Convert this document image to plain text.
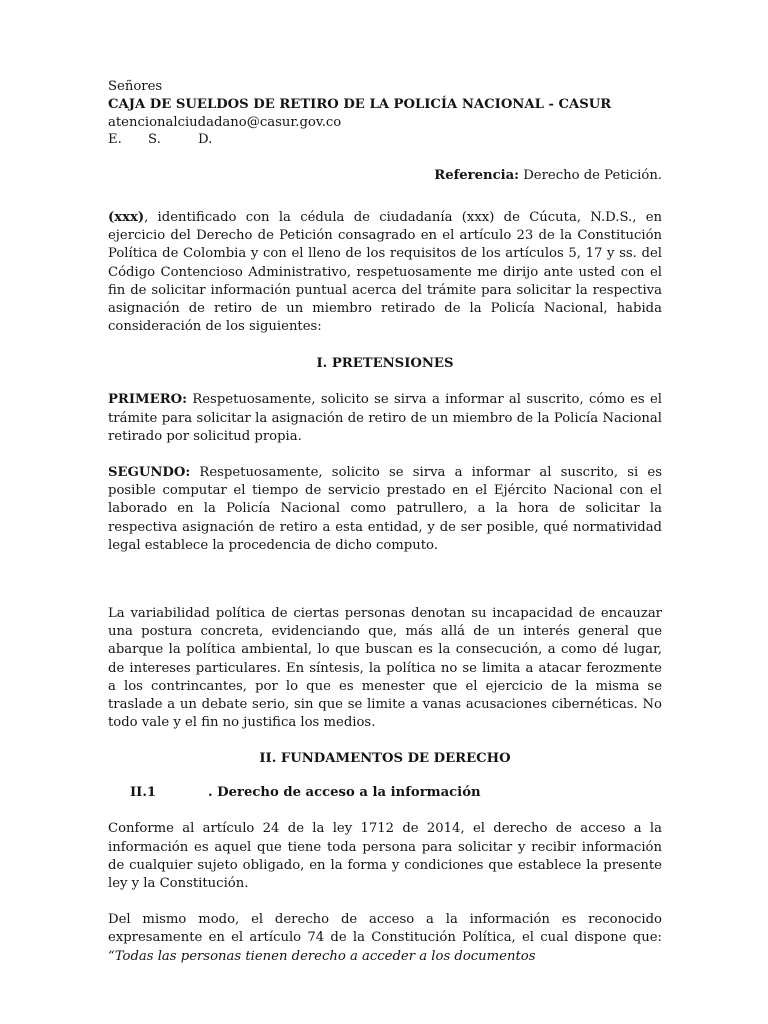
Señores
CAJA DE SUELDOS DE RETIRO DE LA POLICÍA NACIONAL - CASUR
atencionalciudadano@casur.gov.co
E. S.	D.
Referencia: Derecho de Petición.

(xxx), identificado con la cédula de ciudadanía (xxx) de Cúcuta, N.D.S., en ejercicio del Derecho de Petición consagrado en el artículo 23 de la Constitución Política de Colombia y con el lleno de los requisitos de los artículos 5, 17 y ss. del Código Contencioso Administrativo, respetuosamente me dirijo ante usted con el fin de solicitar información puntual acerca del trámite para solicitar la respectiva asignación de retiro de un miembro retirado de la Policía Nacional, habida consideración de los siguientes:

I. PRETENSIONES

PRIMERO: Respetuosamente, solicito se sirva a informar al suscrito, cómo es el trámite para solicitar la asignación de retiro de un miembro de la Policía Nacional retirado por solicitud propia.

SEGUNDO: Respetuosamente, solicito se sirva a informar al suscrito, si es posible computar el tiempo de servicio prestado en el Ejército Nacional con el laborado en la Policía Nacional como patrullero, a la hora de solicitar la respectiva asignación de retiro a esta entidad, y de ser posible, qué normatividad legal establece la procedencia de dicho computo.

La variabilidad política de ciertas personas denotan su incapacidad de encauzar una postura concreta, evidenciando que, más allá de un interés general que abarque la política ambiental, lo que buscan es la consecución, a como dé lugar, de intereses particulares. En síntesis, la política no se limita a atacar ferozmente a los contrincantes, por lo que es menester que el ejercicio de la misma se traslade a un debate serio, sin que se limite a vanas acusaciones cibernéticas. No todo vale y el fin no justifica los medios.

II. FUNDAMENTOS DE DERECHO
II.1	. Derecho de acceso a la información

Conforme al artículo 24 de la ley 1712 de 2014, el derecho de acceso a la información es aquel que tiene toda persona para solicitar y recibir información de cualquier sujeto obligado, en la forma y condiciones que establece la presente ley y la Constitución.

Del mismo modo, el derecho de acceso a la información es reconocido expresamente en el artículo 74 de la Constitución Política, el cual dispone que: “Todas las personas tienen derecho a acceder a los documentos
